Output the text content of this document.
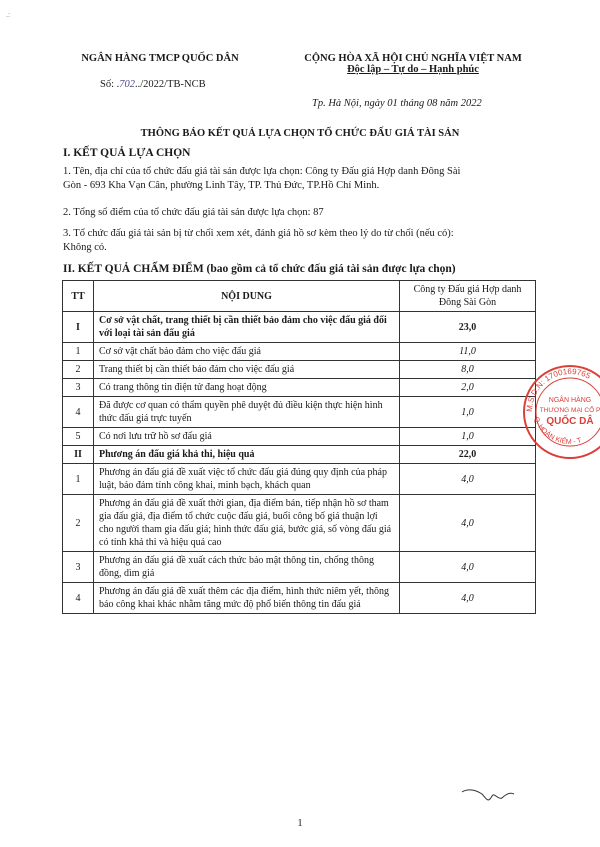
.:
NGÂN HÀNG TMCP QUỐC DÂN
Số: .702../2022/TB-NCB
CỘNG HÒA XÃ HỘI CHỦ NGHĨA VIỆT NAM
Độc lập – Tự do – Hạnh phúc
Tp. Hà Nội, ngày 01 tháng 08 năm 2022
THÔNG BÁO KẾT QUẢ LỰA CHỌN TỔ CHỨC ĐẤU GIÁ TÀI SẢN
I. KẾT QUẢ LỰA CHỌN
1. Tên, địa chỉ của tổ chức đấu giá tài sản được lựa chọn: Công ty Đấu giá Hợp danh Đông Sài
Gòn - 693 Kha Vạn Cân, phường Linh Tây, TP. Thủ Đức, TP.Hồ Chí Minh.
2. Tổng số điểm của tổ chức đấu giá tài sản được lựa chọn: 87
3. Tổ chức đấu giá tài sản bị từ chối xem xét, đánh giá hồ sơ kèm theo lý do từ chối (nếu có):
Không có.
II. KẾT QUẢ CHẤM ĐIỂM (bao gồm cả tổ chức đấu giá tài sản được lựa chọn)
TT	NỘI DUNG	Công ty Đấu giá Hợp danh Đông Sài Gòn
I	Cơ sở vật chất, trang thiết bị cần thiết bảo đảm cho việc đấu giá đối với loại tài sản đấu giá	23,0
1	Cơ sở vật chất bảo đảm cho việc đấu giá	11,0
2	Trang thiết bị cần thiết bảo đảm cho việc đấu giá	8,0
3	Có trang thông tin điện tử đang hoạt động	2,0
4	Đã được cơ quan có thẩm quyền phê duyệt đủ điều kiện thực hiện hình thức đấu giá trực tuyến	1,0
5	Có nơi lưu trữ hồ sơ đấu giá	1,0
II	Phương án đấu giá khả thi, hiệu quả	22,0
1	Phương án đấu giá đề xuất việc tổ chức đấu giá đúng quy định của pháp luật, bảo đảm tính công khai, minh bạch, khách quan	4,0
2	Phương án đấu giá đề xuất thời gian, địa điểm bán, tiếp nhận hồ sơ tham gia đấu giá, địa điểm tổ chức cuộc đấu giá, buổi công bố giá thuận lợi cho người tham gia đấu giá; hình thức đấu giá, bước giá, số vòng đấu giá có tính khả thi và hiệu quả cao	4,0
3	Phương án đấu giá đề xuất cách thức bảo mật thông tin, chống thông đồng, dìm giá	4,0
4	Phương án đấu giá đề xuất thêm các địa điểm, hình thức niêm yết, thông báo công khai khác nhằm tăng mức độ phổ biến thông tin đấu giá	4,0
M.S.D.N: 1700169765
NGÂN HÀNG
THƯƠNG MẠI CỔ P
QUỐC DÂ
Q. HOÀN KIẾM - T
1
